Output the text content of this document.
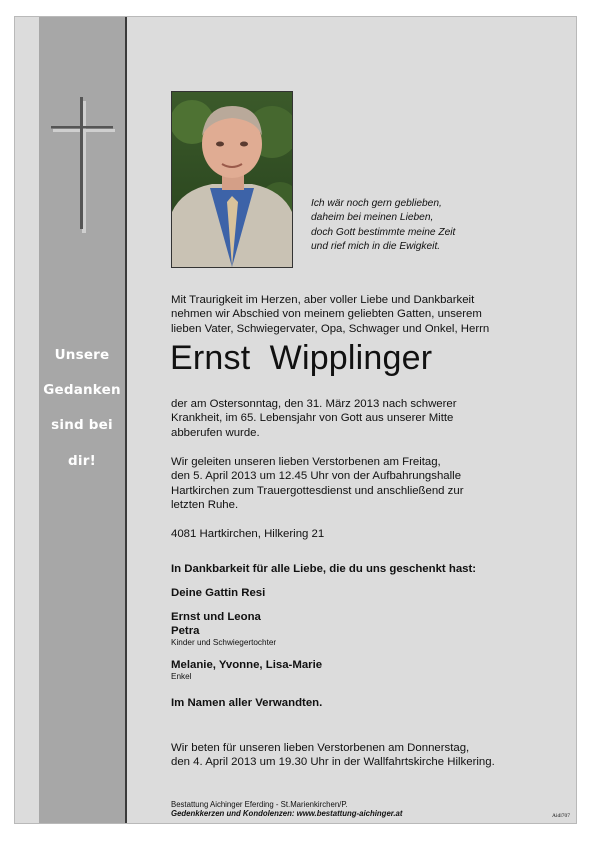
Unsere
Gedanken
sind bei
dir!
Ich wär noch gern geblieben,
daheim bei meinen Lieben,
doch Gott bestimmte meine Zeit
und rief mich in die Ewigkeit.
Mit Traurigkeit im Herzen, aber voller Liebe und Dankbarkeit
nehmen wir Abschied von meinem geliebten Gatten, unserem
lieben Vater, Schwiegervater, Opa, Schwager und Onkel, Herrn
Ernst  Wipplinger
der am Ostersonntag, den 31. März 2013 nach schwerer
Krankheit, im 65. Lebensjahr von Gott aus unserer Mitte
abberufen wurde.
Wir geleiten unseren lieben Verstorbenen am Freitag,
den 5. April 2013 um 12.45 Uhr von der Aufbahrungshalle
Hartkirchen zum Trauergottesdienst und anschließend zur
letzten Ruhe.
4081 Hartkirchen, Hilkering 21
In Dankbarkeit für alle Liebe, die du uns geschenkt hast:
Deine Gattin Resi
Ernst und Leona
Petra
Kinder und Schwiegertochter
Melanie, Yvonne, Lisa-Marie
Enkel
Im Namen aller Verwandten.
Wir beten für unseren lieben Verstorbenen am Donnerstag,
den 4. April 2013 um 19.30 Uhr in der Wallfahrtskirche Hilkering.
Bestattung Aichinger Eferding - St.Marienkirchen/P.
Gedenkkerzen und Kondolenzen: www.bestattung-aichinger.at	Aidl707
